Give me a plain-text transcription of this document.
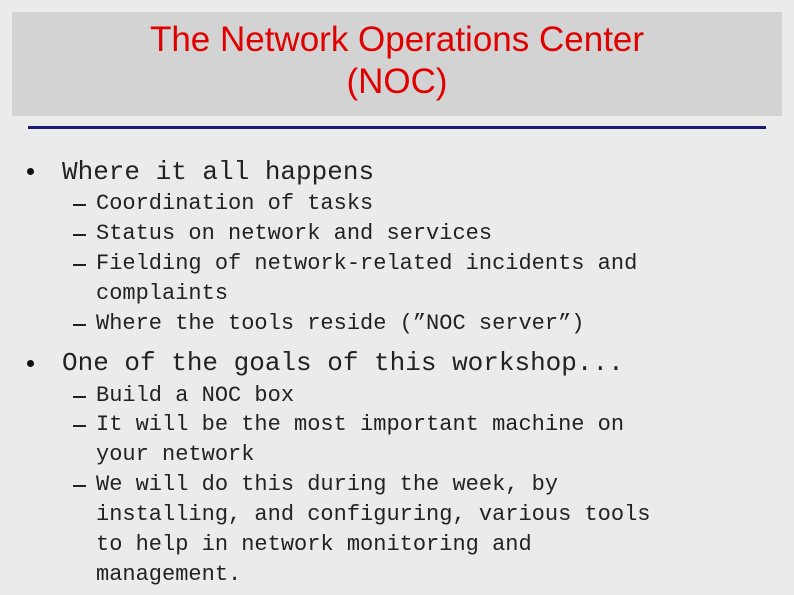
The Network Operations Center
(NOC)
Where it all happens
Coordination of tasks
Status on network and services
Fielding of network-related incidents and
complaints
Where the tools reside (”NOC server”)
One of the goals of this workshop...
Build a NOC box
It will be the most important machine on
your network
We will do this during the week, by
installing, and configuring, various tools
to help in network monitoring and
management.
